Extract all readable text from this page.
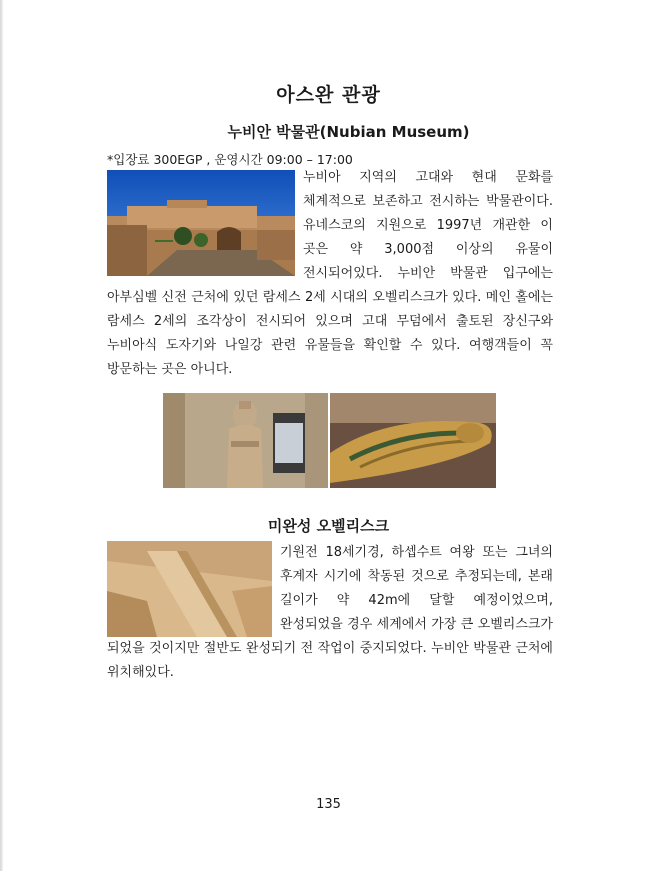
아스완 관광
누비안 박물관(Nubian Museum)
*입장료 300EGP , 운영시간 09:00 – 17:00
누비아 지역의 고대와 현대 문화를 체계적으로 보존하고 전시하는 박물관이다. 유네스코의 지원으로 1997년 개관한 이 곳은 약 3,000점 이상의 유물이 전시되어있다. 누비안 박물관 입구에는 아부심벨 신전 근처에 있던 람세스 2세 시대의 오벨리스크가 있다. 메인 홀에는 람세스 2세의 조각상이 전시되어 있으며 고대 무덤에서 출토된 장신구와 누비아식 도자기와 나일강 관련 유물들을 확인할 수 있다. 여행객들이 꼭 방문하는 곳은 아니다.
미완성 오벨리스크
기원전 18세기경, 하셉수트 여왕 또는 그녀의 후계자 시기에 착동된 것으로 추정되는데, 본래 길이가 약 42m에 달할 예정이었으며, 완성되었을 경우 세계에서 가장 큰 오벨리스크가 되었을 것이지만 절반도 완성되기 전 작업이 중지되었다. 누비안 박물관 근처에 위치해있다.
135
